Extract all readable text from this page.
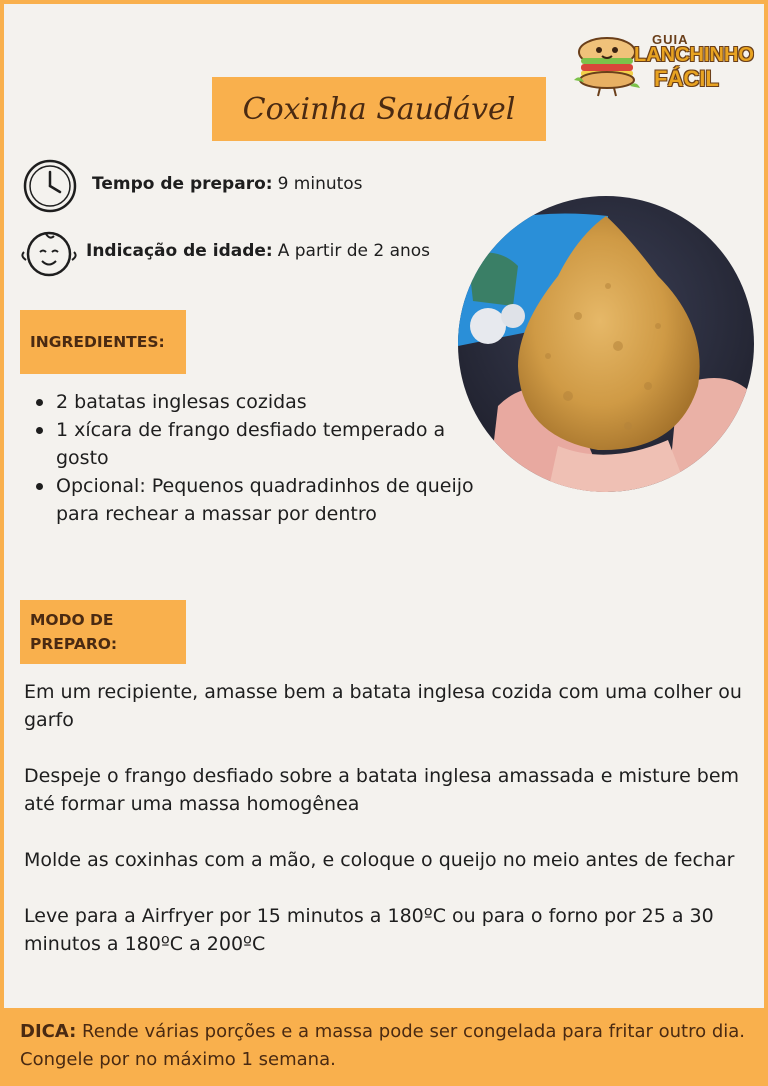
GUIA
LANCHINHO
FÁCIL
Coxinha Saudável
Tempo de preparo: 9 minutos
Indicação de idade: A partir de 2 anos
INGREDIENTES:
2 batatas inglesas cozidas
1 xícara de frango desfiado temperado a gosto
Opcional: Pequenos quadradinhos de queijo para rechear a massar por dentro
MODO DE
PREPARO:

Em um recipiente, amasse bem a batata inglesa cozida com uma colher ou garfo

Despeje o frango desfiado sobre a batata inglesa amassada e misture bem até formar uma massa homogênea

Molde as coxinhas com a mão, e coloque o queijo no meio antes de fechar

Leve para a Airfryer por 15 minutos a 180ºC ou para o forno por 25 a 30 minutos a 180ºC a 200ºC

DICA: Rende várias porções e a massa pode ser congelada para fritar outro dia. Congele por no máximo 1 semana.
